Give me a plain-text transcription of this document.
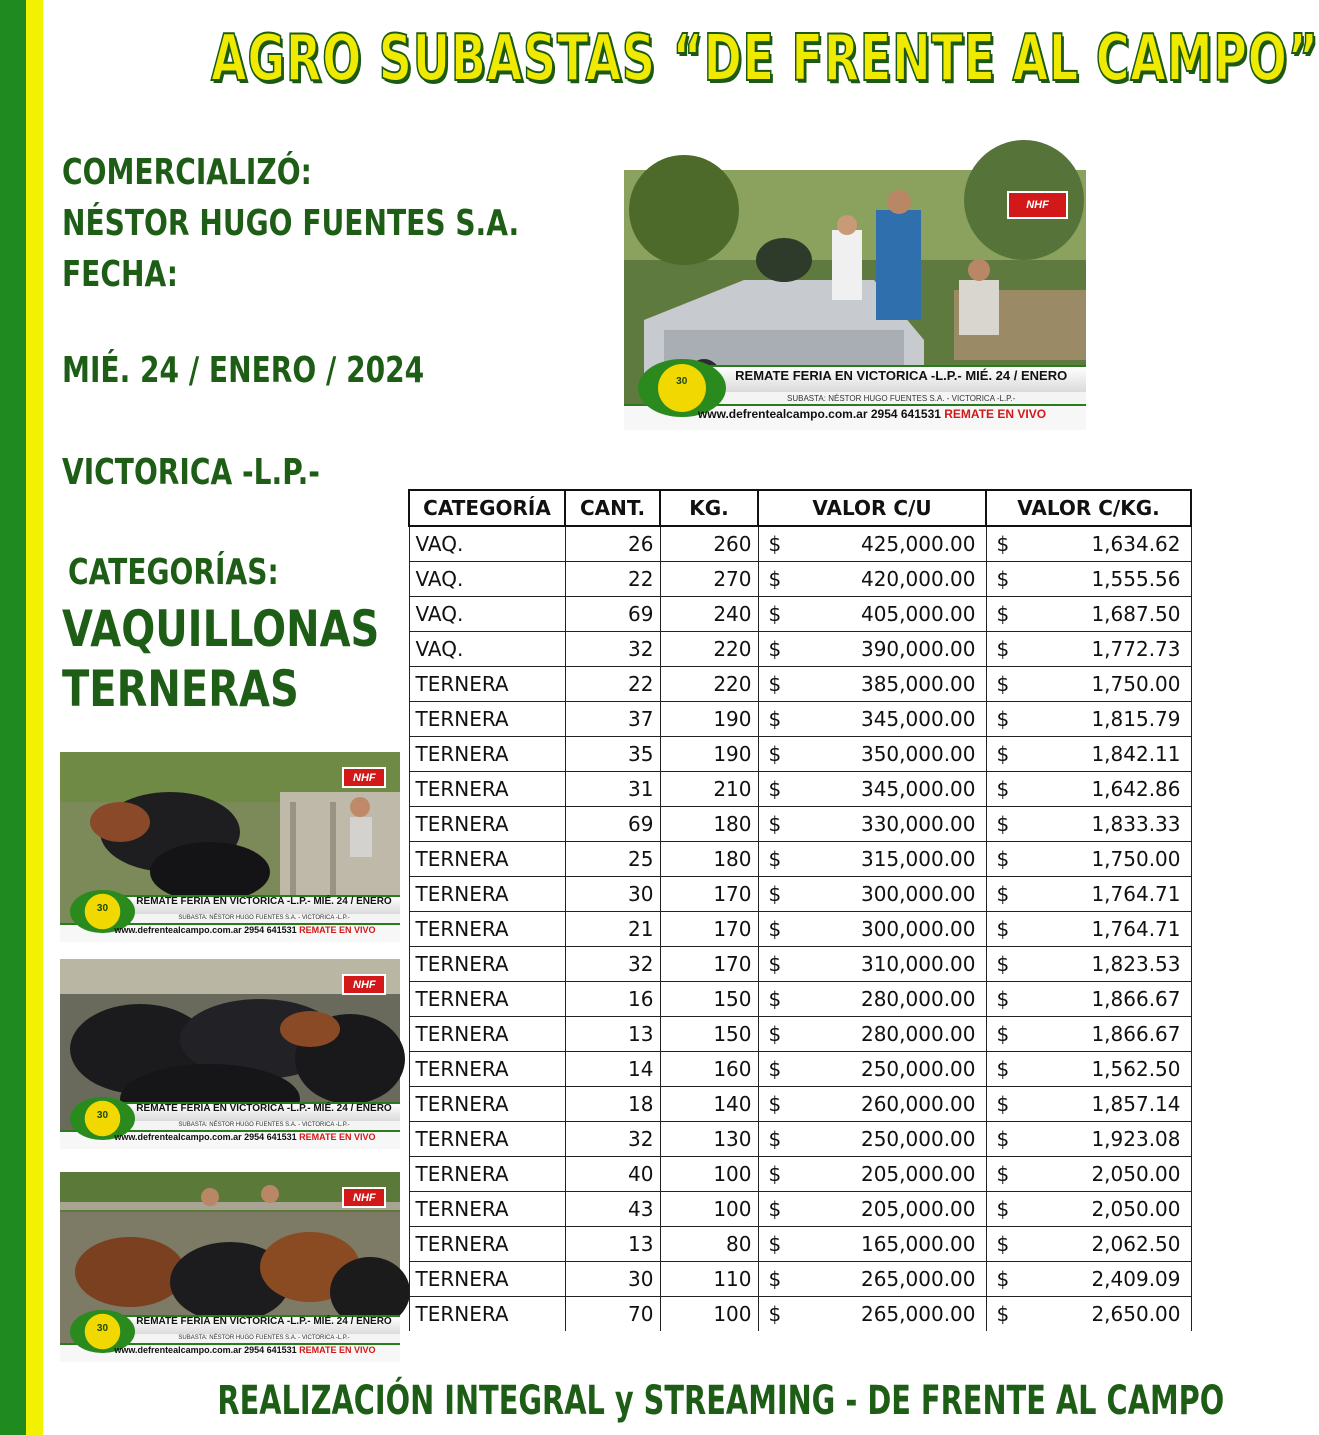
AGRO SUBASTAS “DE FRENTE AL CAMPO”
COMERCIALIZÓ:
NÉSTOR HUGO FUENTES S.A.
FECHA:
MIÉ. 24 / ENERO / 2024
VICTORICA -L.P.-
CATEGORÍAS:
VAQUILLONAS
TERNERAS
NHF
30	REMATE FERIA EN VICTORICA -L.P.- MIÉ. 24 / ENERO
SUBASTA: NÉSTOR HUGO FUENTES S.A. - VICTORICA -L.P.-
www.defrentealcampo.com.ar 2954 641531 REMATE EN VIVO
NHF
30
REMATE FERIA EN VICTORICA -L.P.- MIÉ. 24 / ENERO
SUBASTA: NÉSTOR HUGO FUENTES S.A. - VICTORICA -L.P.-
www.defrentealcampo.com.ar 2954 641531 REMATE EN VIVO
NHF
30
REMATE FERIA EN VICTORICA -L.P.- MIÉ. 24 / ENERO
SUBASTA: NÉSTOR HUGO FUENTES S.A. - VICTORICA -L.P.-
www.defrentealcampo.com.ar 2954 641531 REMATE EN VIVO
NHF
30
REMATE FERIA EN VICTORICA -L.P.- MIÉ. 24 / ENERO
SUBASTA: NÉSTOR HUGO FUENTES S.A. - VICTORICA -L.P.-
www.defrentealcampo.com.ar 2954 641531 REMATE EN VIVO
CATEGORÍA	CANT.	KG.	VALOR C/U	VALOR C/KG.
VAQ.	26	260	$ 425,000.00	$ 1,634.62

VAQ.	22	270	$ 420,000.00	$ 1,555.56

VAQ.	69	240	$ 405,000.00	$ 1,687.50

VAQ.	32	220	$ 390,000.00	$ 1,772.73

TERNERA	22	220	$ 385,000.00	$ 1,750.00

TERNERA	37	190	$ 345,000.00	$ 1,815.79

TERNERA	35	190	$ 350,000.00	$ 1,842.11

TERNERA	31	210	$ 345,000.00	$ 1,642.86

TERNERA	69	180	$ 330,000.00	$ 1,833.33

TERNERA	25	180	$ 315,000.00	$ 1,750.00

TERNERA	30	170	$ 300,000.00	$ 1,764.71

TERNERA	21	170	$ 300,000.00	$ 1,764.71

TERNERA	32	170	$ 310,000.00	$ 1,823.53

TERNERA	16	150	$ 280,000.00	$ 1,866.67

TERNERA	13	150	$ 280,000.00	$ 1,866.67

TERNERA	14	160	$ 250,000.00	$ 1,562.50

TERNERA	18	140	$ 260,000.00	$ 1,857.14

TERNERA	32	130	$ 250,000.00	$ 1,923.08

TERNERA	40	100	$ 205,000.00	$ 2,050.00

TERNERA	43	100	$ 205,000.00	$ 2,050.00

TERNERA	13	80	$ 165,000.00	$ 2,062.50

TERNERA	30	110	$ 265,000.00	$ 2,409.09

TERNERA	70	100	$ 265,000.00	$ 2,650.00
REALIZACIÓN INTEGRAL y STREAMING - DE FRENTE AL CAMPO
